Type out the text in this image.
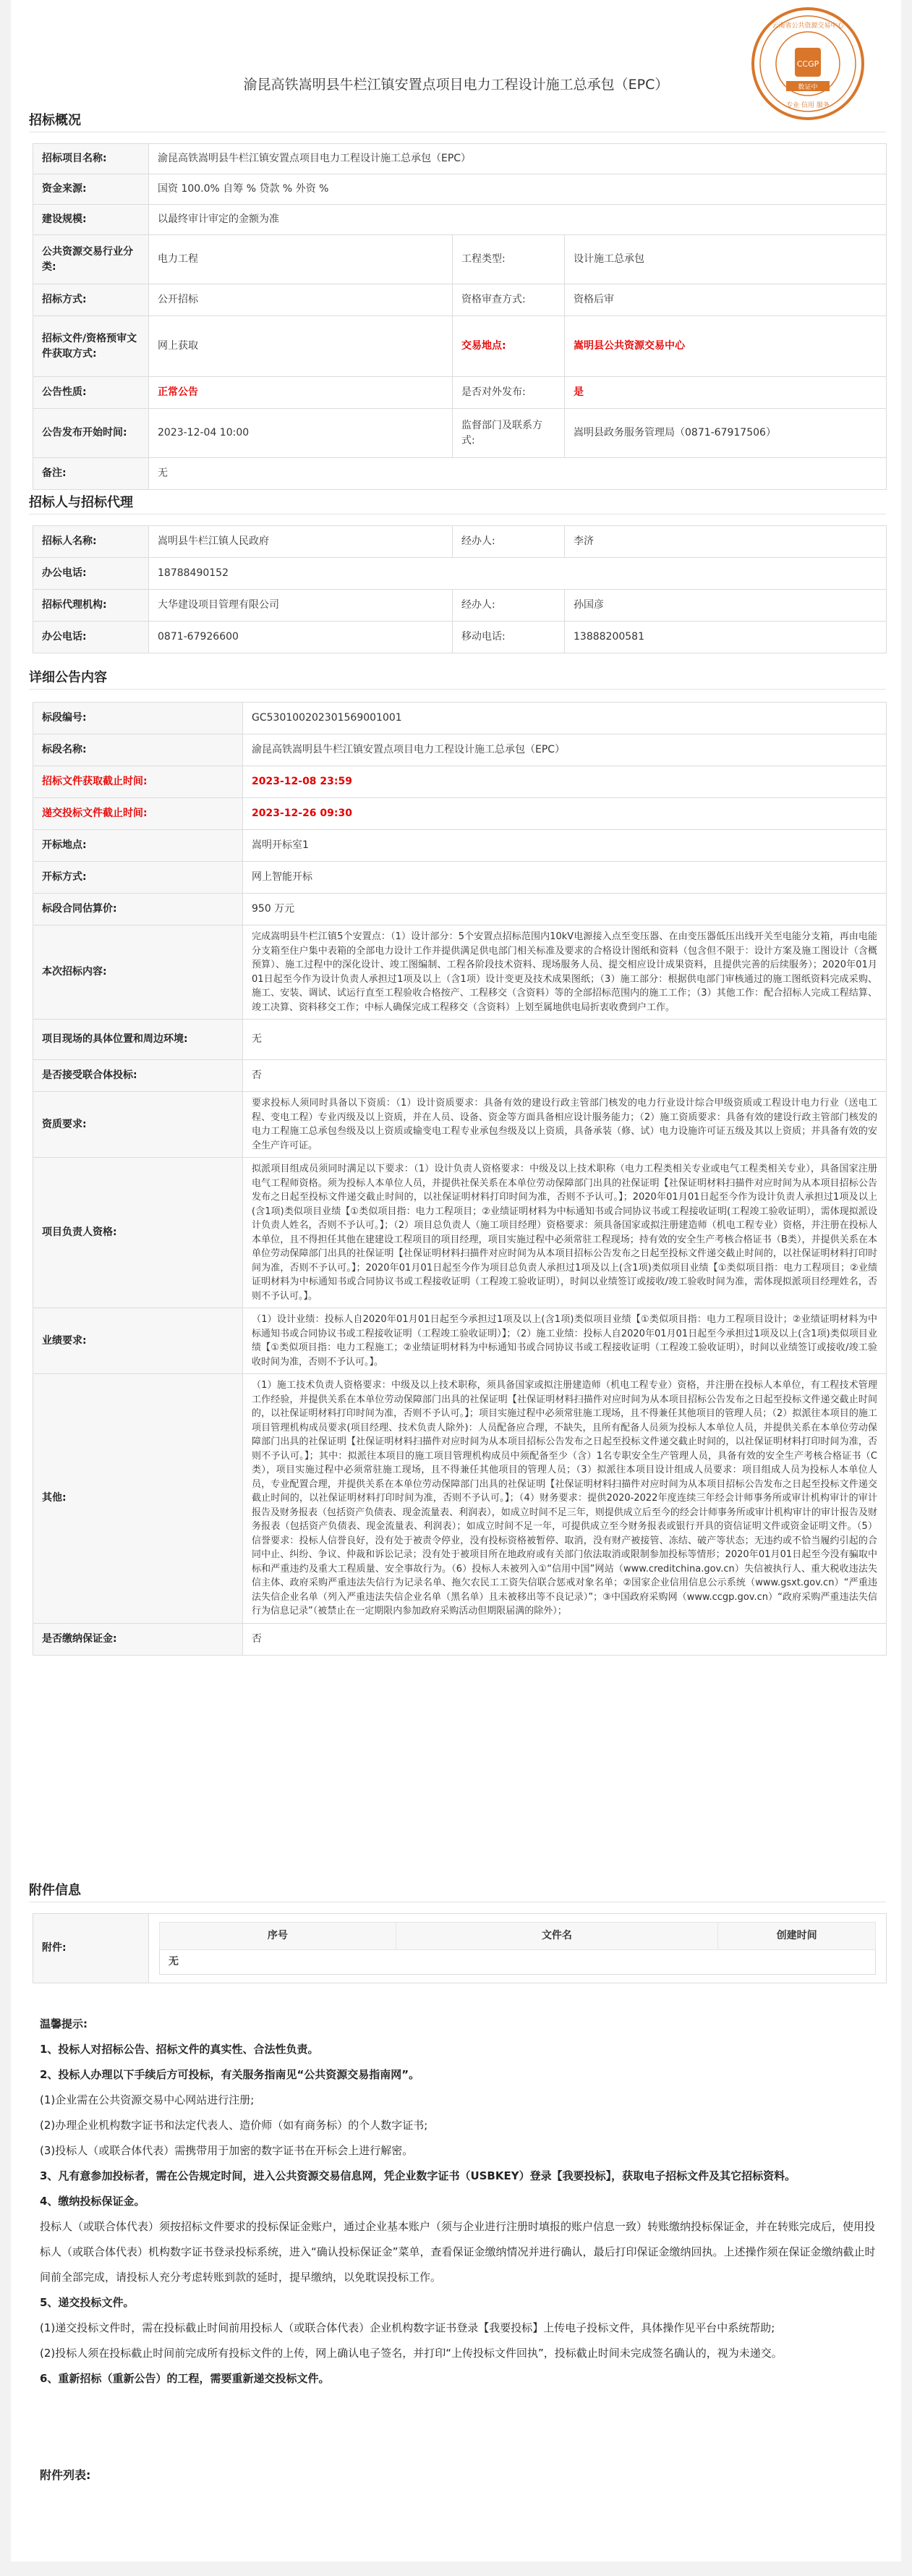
CCGP
数证中
云南省公共资源交易中心
专业 信用 服务
渝昆高铁嵩明县牛栏江镇安置点项目电力工程设计施工总承包（EPC）
招标概况
招标项目名称:	渝昆高铁嵩明县牛栏江镇安置点项目电力工程设计施工总承包（EPC）		
资金来源:	国资 100.0% 自筹 % 贷款 % 外资 %		
建设规模:	以最终审计审定的金额为准		
公共资源交易行业分类:	电力工程	工程类型:	设计施工总承包
招标方式:	公开招标	资格审查方式:	资格后审
招标文件/资格预审文件获取方式:	网上获取	交易地点:	嵩明县公共资源交易中心
公告性质:	正常公告	是否对外发布:	是
公告发布开始时间:	2023-12-04 10:00	监督部门及联系方式:	嵩明县政务服务管理局（0871-67917506）
备注:	无		
招标人与招标代理
招标人名称:	嵩明县牛栏江镇人民政府	经办人:	李济
办公电话:	18788490152		
招标代理机构:	大华建设项目管理有限公司	经办人:	孙国彦
办公电话:	0871-67926600	移动电话:	13888200581
详细公告内容
标段编号:	GC5301002023015690010​01
标段名称:	渝昆高铁嵩明县牛栏江镇安置点项目电力工程设计施工总承包（EPC）
招标文件获取截止时间:	2023-12-08 23:59
递交投标文件截止时间:	2023-12-26 09:30
开标地点:	嵩明开标室1
开标方式:	网上智能开标
标段合同估算价:	950 万元
本次招标内容:	完成嵩明县牛栏江镇5个安置点：（1）设计部分：5个安置点招标范围内10kV电源接入点至变压器、在由变压器低压出线开关至电能分支箱，再由电能分支箱至住户集中表箱的全部电力设计工作并提供满足供电部门相关标准及要求的合格设计图纸和资料（包含但不限于：设计方案及施工图设计（含概预算）、施工过程中的深化设计、竣工图编制、工程各阶段技术资料、现场服务人员、提交相应设计成果资料，且提供完善的后续服务）；2020年01月01日起至今作为设计负责人承担过1项及以上（含1项）设计变更及技术成果图纸；（3）施工部分：根据供电部门审核通过的施工图纸资料完成采购、施工、安装、调试、试运行直至工程验收合格按产、工程移交（含资料）等的全部招标范围内的施工工作；（3）其他工作：配合招标人完成工程结算、竣工决算、资料移交工作；中标人确保完成工程移交（含资料）上划至属地供电局折衷收费到户工作。
项目现场的具体位置和周边环境:	无
是否接受联合体投标:	否
资质要求:	要求投标人须同时具备以下资质：（1）设计资质要求：具备有效的建设行政主管部门核发的电力行业设计综合甲级资质或工程设计电力行业（送电工程、变电工程）专业丙级及以上资质，并在人员、设备、资金等方面具备相应设计服务能力；（2）施工资质要求：具备有效的建设行政主管部门核发的电力工程施工总承包叁级及以上资质或输变电工程专业承包叁级及以上资质，具备承装（修、试）电力设施许可证五级及其以上资质；并具备有效的安全生产许可证。
项目负责人资格:	拟派项目组成员须同时满足以下要求：（1）设计负责人资格要求：中级及以上技术职称（电力工程类相关专业或电气工程类相关专业），具备国家注册电气工程师资格。须为投标人本单位人员，并提供社保关系在本单位劳动保障部门出具的社保证明【社保证明材料扫描件对应时间为从本项目招标公告发布之日起至投标文件递交截止时间的，以社保证明材料打印时间为准，否则不予认可。】；2020年01月01日起至今作为设计负责人承担过1项及以上(含1项)类似项目业绩【①类似项目指：电力工程项目；②业绩证明材料为中标通知书或合同协议书或工程接收证明(工程竣工验收证明），需体现拟派设计负责人姓名，否则不予认可。】；（2）项目总负责人（施工项目经理）资格要求：须具备国家或拟注册建造师（机电工程专业）资格，并注册在投标人本单位，且不得担任其他在建建设工程项目的项目经理，项目实施过程中必须常驻工程现场；持有效的安全生产考核合格证书（B类），并提供关系在本单位劳动保障部门出具的社保证明【社保证明材料扫描件对应时间为从本项目招标公告发布之日起至投标文件递交截止时间的，以社保证明材料打印时间为准，否则不予认可。】；2020年01月01日起至今作为项目总负责人承担过1项及以上(含1项)类似项目业绩【①类似项目指：电力工程项目；②业绩证明材料为中标通知书或合同协议书或工程接收证明（工程竣工验收证明），时间以业绩签订或接收/竣工验收时间为准，需体现拟派项目经理姓名，否则不予认可。】。
业绩要求:	（1）设计业绩：投标人自2020年01月01日起至今承担过1项及以上(含1项)类似项目业绩【①类似项目指：电力工程项目设计；②业绩证明材料为中标通知书或合同协议书或工程接收证明（工程竣工验收证明）】；（2）施工业绩：投标人自2020年01月01日起至今承担过1项及以上(含1项)类似项目业绩【①类似项目指：电力工程施工；②业绩证明材料为中标通知书或合同协议书或工程接收证明（工程竣工验收证明），时间以业绩签订或接收/竣工验收时间为准，否则不予认可。】。
其他:	（1）施工技术负责人资格要求：中级及以上技术职称，须具备国家或拟注册建造师（机电工程专业）资格，并注册在投标人本单位，有工程技术管理工作经验，并提供关系在本单位劳动保障部门出具的社保证明【社保证明材料扫描件对应时间为从本项目招标公告发布之日起至投标文件递交截止时间的，以社保证明材料打印时间为准，否则不予认可。】；项目实施过程中必须常驻施工现场，且不得兼任其他项目的管理人员；（2）拟派往本项目的施工项目管理机构成员要求(项目经理、技术负责人除外)：人员配备应合理，不缺失，且所有配备人员须为投标人本单位人员，并提供关系在本单位劳动保障部门出具的社保证明【社保证明材料扫描件对应时间为从本项目招标公告发布之日起至投标文件递交截止时间的，以社保证明材料打印时间为准，否则不予认可。】；其中：拟派往本项目的施工项目管理机构成员中须配备至少（含）1名专职安全生产管理人员，具备有效的安全生产考核合格证书（C类），项目实施过程中必须常驻施工现场，且不得兼任其他项目的管理人员；（3）拟派往本项目设计组成人员要求：项目组成人员为投标人本单位人员，专业配置合理，并提供关系在本单位劳动保障部门出具的社保证明【社保证明材料扫描件对应时间为从本项目招标公告发布之日起至投标文件递交截止时间的，以社保证明材料打印时间为准，否则不予认可。】；（4）财务要求：提供2020-2022年度连续三年经会计师事务所或审计机构审计的审计报告及财务报表（包括资产负债表、现金流量表、利润表），如成立时间不足三年，则提供成立后至今的经会计师事务所或审计机构审计的审计报告及财务报表（包括资产负债表、现金流量表、利润表）；如成立时间不足一年，可提供成立至今财务报表或银行开具的资信证明文件或资金证明文件。（5）信誉要求：投标人信誉良好，没有处于被责令停业，没有投标资格被暂停、取消，没有财产被接管、冻结、破产等状态；无违约或不恰当履约引起的合同中止、纠纷、争议、仲裁和诉讼记录；没有处于被项目所在地政府或有关部门依法取消或限制参加投标等情形；2020年01月01日起至今没有骗取中标和严重违约及重大工程质量、安全事故行为。（6）投标人未被列入①“信用中国”网站（www.creditchina.gov.cn）失信被执行人、重大税收违法失信主体、政府采购严重违法失信行为记录名单、拖欠农民工工资失信联合惩戒对象名单；②国家企业信用信息公示系统（www.gsxt.gov.cn）“严重违法失信企业名单（列入严重违法失信企业名单（黑名单）且未被移出等不良记录）”；③中国政府采购网（www.ccgp.gov.cn）“政府采购严重违法失信行为信息记录”（被禁止在一定期限内参加政府采购活动但期限届满的除外）；
是否缴纳保证金:	否
附件信息
附件:	
序号	文件名	创建时间
无

温馨提示:

1、投标人对招标公告、招标文件的真实性、合法性负责。

2、投标人办理以下手续后方可投标，有关服务指南见“公共资源交易指南网”。

(1)企业需在公共资源交易中心网站进行注册;

(2)办理企业机构数字证书和法定代表人、造价师（如有商务标）的个人数字证书;

(3)投标人（或联合体代表）需携带用于加密的数字证书在开标会上进行解密。

3、凡有意参加投标者，需在公告规定时间，进入公共资源交易信息网，凭企业数字证书（USBKEY）登录【我要投标】，获取电子招标文件及其它招标资料。

4、缴纳投标保证金。

投标人（或联合体代表）须按招标文件要求的投标保证金账户，通过企业基本账户（须与企业进行注册时填报的账户信息一致）转账缴纳投标保证金，并在转账完成后，使用投标人（或联合体代表）机构数字证书登录投标系统，进入“确认投标保证金”菜单，查看保证金缴纳情况并进行确认，最后打印保证金缴纳回执。上述操作须在保证金缴纳截止时间前全部完成，请投标人充分考虑转账到款的延时，提早缴纳，以免耽误投标工作。

5、递交投标文件。

(1)递交投标文件时，需在投标截止时间前用投标人（或联合体代表）企业机构数字证书登录【我要投标】上传电子投标文件，具体操作见平台中系统帮助;

(2)投标人须在投标截止时间前完成所有投标文件的上传，网上确认电子签名，并打印“上传投标文件回执”，投标截止时间未完成签名确认的，视为未递交。

6、重新招标（重新公告）的工程，需要重新递交投标文件。

附件列表:
